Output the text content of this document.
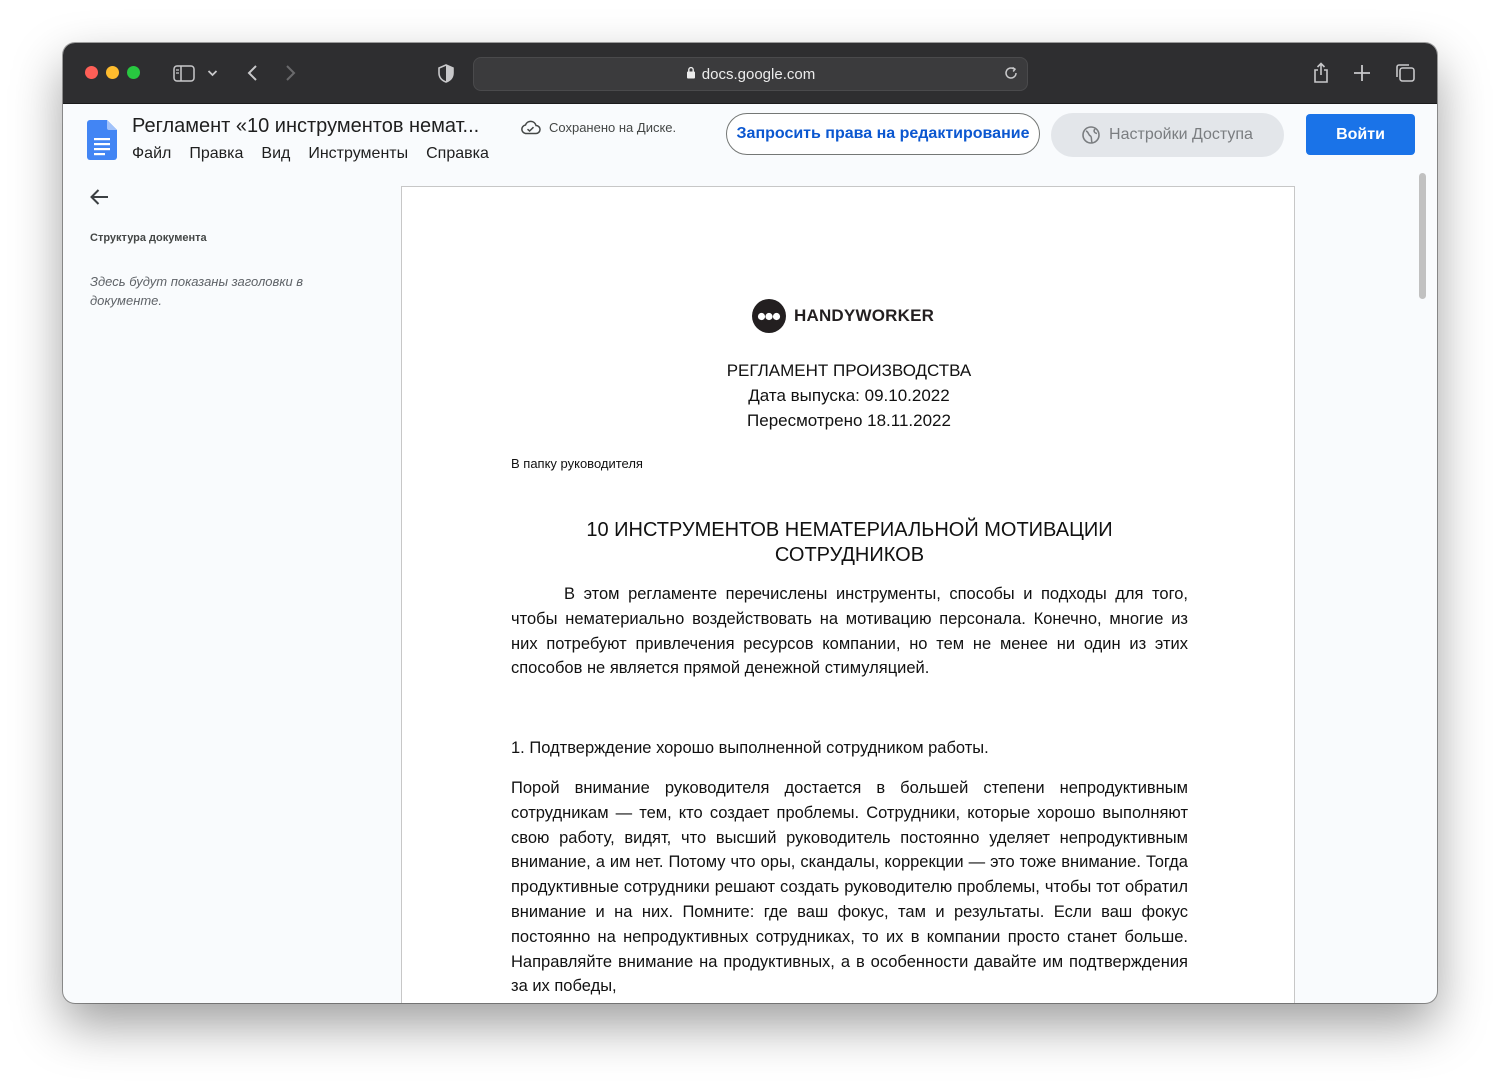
docs.google.com
Регламент «10 инструментов немат...
Файл Правка Вид Инструменты Справка
Сохранено на Диске.	Запросить права на редактирование	Настройки Доступа	Войти
Структура документа
Здесь будут показаны заголовки в документе.
HANDYWORKER
РЕГЛАМЕНТ ПРОИЗВОДСТВА
Дата выпуска: 09.10.2022
Пересмотрено 18.11.2022
В папку руководителя
10 ИНСТРУМЕНТОВ НЕМАТЕРИАЛЬНОЙ МОТИВАЦИИ СОТРУДНИКОВ
В этом регламенте перечислены инструменты, способы и подходы для того, чтобы нематериально воздействовать на мотивацию персонала. Конечно, многие из них потребуют привлечения ресурсов компании, но тем не менее ни один из этих способов не является прямой денежной стимуляцией.
1. Подтверждение хорошо выполненной сотрудником работы.
Порой внимание руководителя достается в большей степени непродуктивным сотрудникам — тем, кто создает проблемы. Сотрудники, которые хорошо выполняют свою работу, видят, что высший руководитель постоянно уделяет непродуктивным внимание, а им нет. Потому что оры, скандалы, коррекции — это тоже внимание. Тогда продуктивные сотрудники решают создать руководителю проблемы, чтобы тот обратил внимание и на них. Помните: где ваш фокус, там и результаты. Если ваш фокус постоянно на непродуктивных сотрудниках, то их в компании просто станет больше. Направляйте внимание на продуктивных, а в особенности давайте им подтверждения за их победы,
